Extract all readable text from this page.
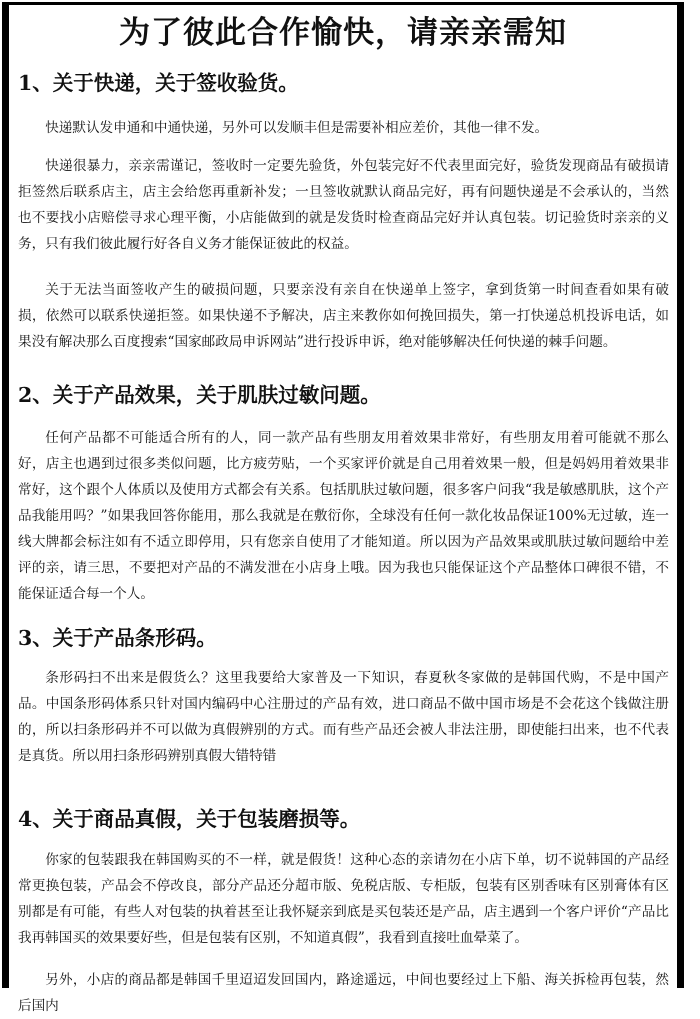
为了彼此合作愉快，请亲亲需知
1、关于快递，关于签收验货。
快递默认发申通和中通快递，另外可以发顺丰但是需要补相应差价，其他一律不发。
快递很暴力，亲亲需谨记，签收时一定要先验货，外包装完好不代表里面完好，验货发现商品有破损请拒签然后联系店主，店主会给您再重新补发；一旦签收就默认商品完好，再有问题快递是不会承认的，当然也不要找小店赔偿寻求心理平衡，小店能做到的就是发货时检查商品完好并认真包装。切记验货时亲亲的义务，只有我们彼此履行好各自义务才能保证彼此的权益。
关于无法当面签收产生的破损问题，只要亲没有亲自在快递单上签字，拿到货第一时间查看如果有破损，依然可以联系快递拒签。如果快递不予解决，店主来教你如何挽回损失，第一打快递总机投诉电话，如果没有解决那么百度搜索“国家邮政局申诉网站”进行投诉申诉，绝对能够解决任何快递的棘手问题。
2、关于产品效果，关于肌肤过敏问题。
任何产品都不可能适合所有的人，同一款产品有些朋友用着效果非常好，有些朋友用着可能就不那么好，店主也遇到过很多类似问题，比方疲劳贴，一个买家评价就是自己用着效果一般，但是妈妈用着效果非常好，这个跟个人体质以及使用方式都会有关系。包括肌肤过敏问题，很多客户问我“我是敏感肌肤，这个产品我能用吗？”如果我回答你能用，那么我就是在敷衍你，全球没有任何一款化妆品保证100%无过敏，连一线大牌都会标注如有不适立即停用，只有您亲自使用了才能知道。所以因为产品效果或肌肤过敏问题给中差评的亲，请三思，不要把对产品的不满发泄在小店身上哦。因为我也只能保证这个产品整体口碑很不错，不能保证适合每一个人。
3、关于产品条形码。
条形码扫不出来是假货么？这里我要给大家普及一下知识，春夏秋冬家做的是韩国代购，不是中国产品。中国条形码体系只针对国内编码中心注册过的产品有效，进口商品不做中国市场是不会花这个钱做注册的，所以扫条形码并不可以做为真假辨别的方式。而有些产品还会被人非法注册，即使能扫出来，也不代表是真货。所以用扫条形码辨别真假大错特错
4、关于商品真假，关于包装磨损等。
你家的包装跟我在韩国购买的不一样，就是假货！这种心态的亲请勿在小店下单，切不说韩国的产品经常更换包装，产品会不停改良，部分产品还分超市版、免税店版、专柜版，包装有区别香味有区别膏体有区别都是有可能，有些人对包装的执着甚至让我怀疑亲到底是买包装还是产品，店主遇到一个客户评价“产品比我再韩国买的效果要好些，但是包装有区别，不知道真假”，我看到直接吐血晕菜了。
另外，小店的商品都是韩国千里迢迢发回国内，路途遥远，中间也要经过上下船、海关拆检再包装，然后国内
